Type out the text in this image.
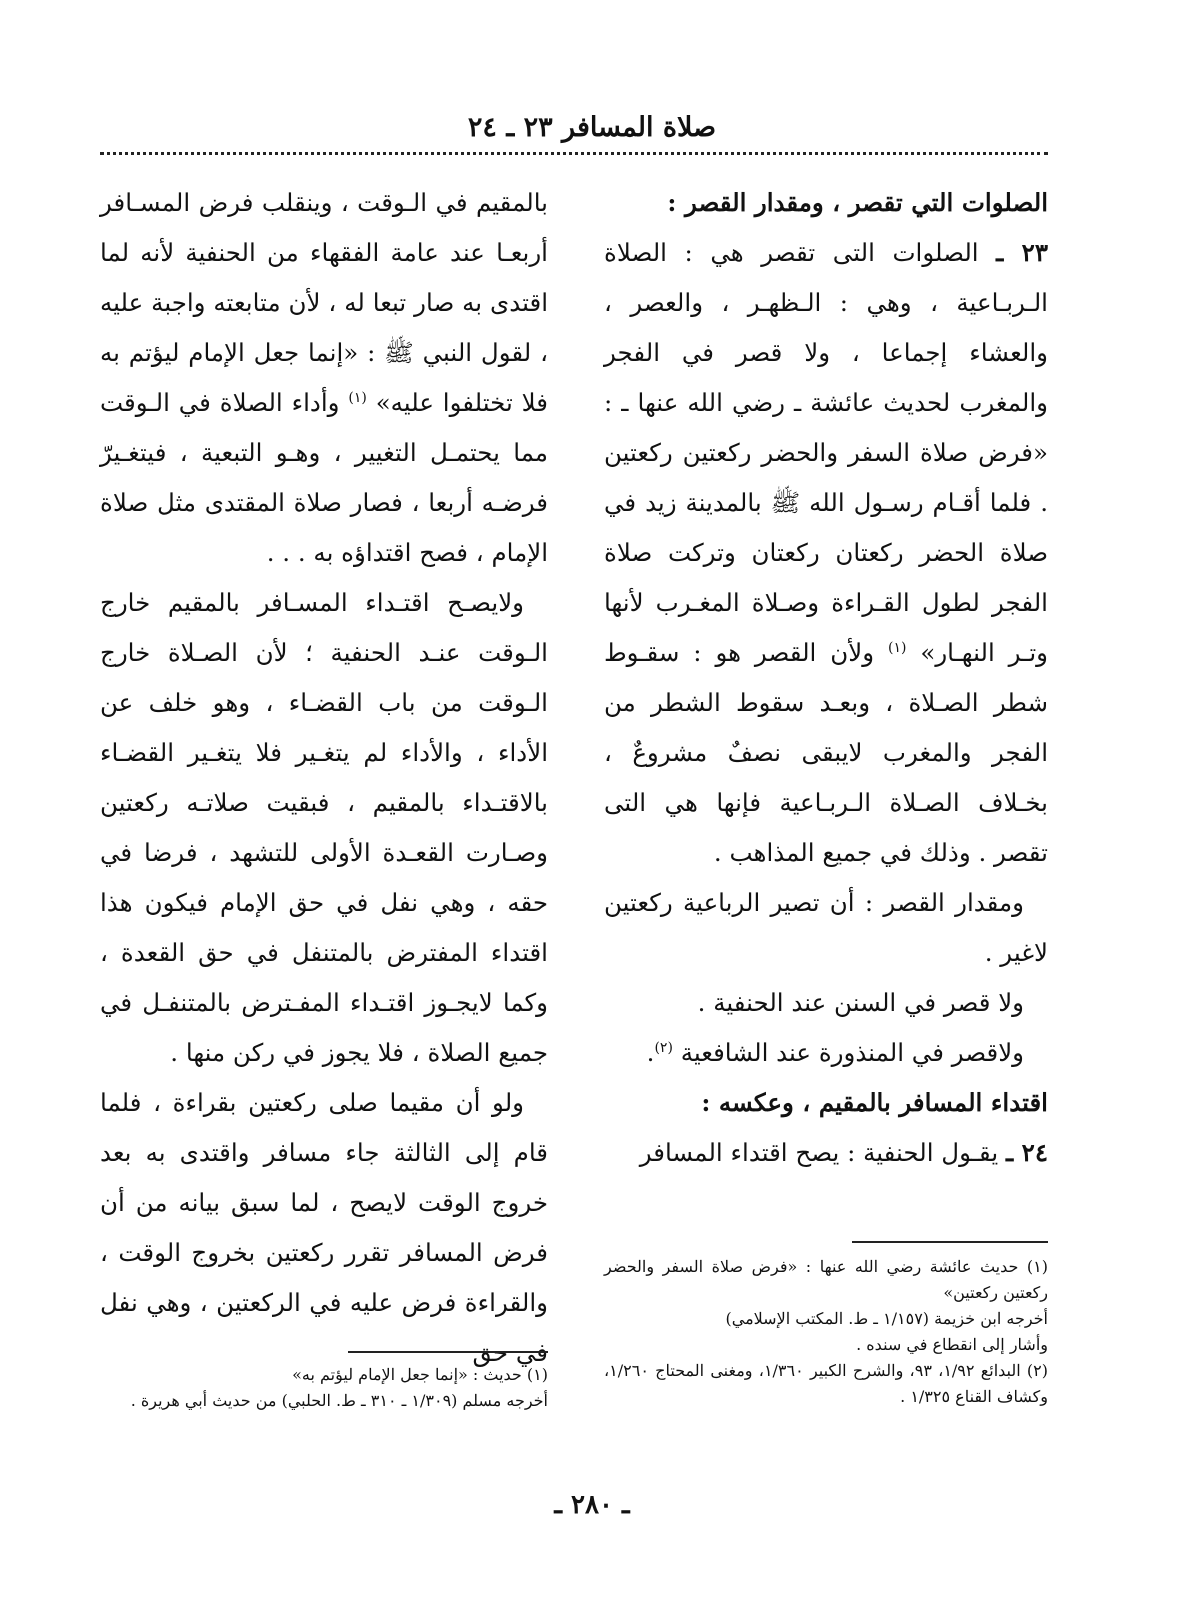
صلاة المسافر ٢٣ ـ ٢٤

الصلوات التي تقصر ، ومقدار القصر :

٢٣ ـ الصلوات التى تقصر هي : الصلاة الـربـاعية ، وهي : الـظهـر ، والعصر ، والعشاء إجماعا ، ولا قصر في الفجر والمغرب لحديث عائشة ـ رضي الله عنها ـ : «فرض صلاة السفر والحضر ركعتين ركعتين . فلما أقـام رسـول الله ﷺ بالمدينة زيد في صلاة الحضر ركعتان ركعتان وتركت صلاة الفجر لطول القـراءة وصـلاة المغـرب لأنها وتـر النهـار» $^{(١)}$ ولأن القصر هو : سقـوط شطر الصـلاة ، وبعـد سقوط الشطر من الفجر والمغرب لايبقى نصفٌ مشروعٌ ، بخـلاف الصـلاة الـربـاعية فإنها هي التى تقصر . وذلك في جميع المذاهب .

ومقدار القصر : أن تصير الرباعية ركعتين لاغير .

ولا قصر في السنن عند الحنفية .

ولاقصر في المنذورة عند الشافعية $^{(٢)}$.

اقتداء المسافر بالمقيم ، وعكسه :

٢٤ ـ يقـول الحنفية : يصح اقتداء المسافر

بالمقيم في الـوقت ، وينقلب فرض المسـافر أربعـا عند عامة الفقهاء من الحنفية لأنه لما اقتدى به صار تبعا له ، لأن متابعته واجبة عليه ، لقول النبي ﷺ : «إنما جعل الإمام ليؤتم به فلا تختلفوا عليه» $^{(١)}$ وأداء الصلاة في الـوقت مما يحتمـل التغيير ، وهـو التبعية ، فيتغـيرّ فرضـه أربعا ، فصار صلاة المقتدى مثل صلاة الإمام ، فصح اقتداؤه به . . .

ولايصـح اقتـداء المسـافر بالمقيم خارج الـوقت عنـد الحنفية ؛ لأن الصـلاة خارج الـوقت من باب القضـاء ، وهو خلف عن الأداء ، والأداء لم يتغـير فلا يتغـير القضـاء بالاقتـداء بالمقيم ، فبقيت صلاتـه ركعتين وصـارت القعـدة الأولى للتشهد ، فرضا في حقه ، وهي نفل في حق الإمام فيكون هذا اقتداء المفترض بالمتنفل في حق القعدة ، وكما لايجـوز اقتـداء المفـترض بالمتنفـل في جميع الصلاة ، فلا يجوز في ركن منها .

ولو أن مقيما صلى ركعتين بقراءة ، فلما قام إلى الثالثة جاء مسافر واقتدى به بعد خروج الوقت لايصح ، لما سبق بيانه من أن فرض المسافر تقرر ركعتين بخروج الوقت ، والقراءة فرض عليه في الركعتين ، وهي نفل في حق

(١) حديث عائشة رضي الله عنها : «فرض صلاة السفر والحضر ركعتين ركعتين»

أخرجه ابن خزيمة (١/١٥٧ ـ ط. المكتب الإسلامي)

وأشار إلى انقطاع في سنده .

(٢) البدائع ١/٩٢، ٩٣، والشرح الكبير ١/٣٦٠، ومغنى المحتاج ١/٢٦٠، وكشاف القناع ١/٣٢٥ .

(١) حديث : «إنما جعل الإمام ليؤتم به»

أخرجه مسلم (١/٣٠٩ ـ ٣١٠ ـ ط. الحلبي) من حديث أبي هريرة .

ـ ٢٨٠ ـ
